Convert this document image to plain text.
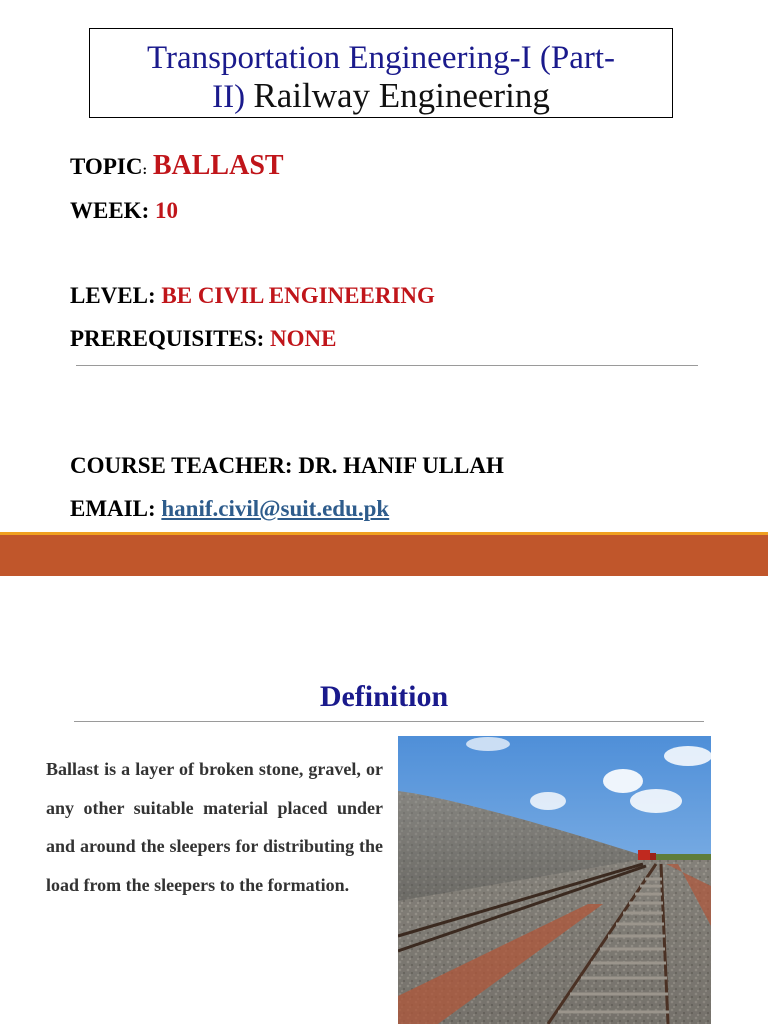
Transportation Engineering-I (Part-
II) Railway Engineering
TOPIC: BALLAST
WEEK: 10
LEVEL: BE CIVIL ENGINEERING
PREREQUISITES: NONE
COURSE TEACHER: DR. HANIF ULLAH
EMAIL: hanif.civil@suit.edu.pk
Definition

Ballast is a layer of broken stone, gravel, or any other suitable material placed under and around the sleepers for distributing the load from the sleepers to the formation.
